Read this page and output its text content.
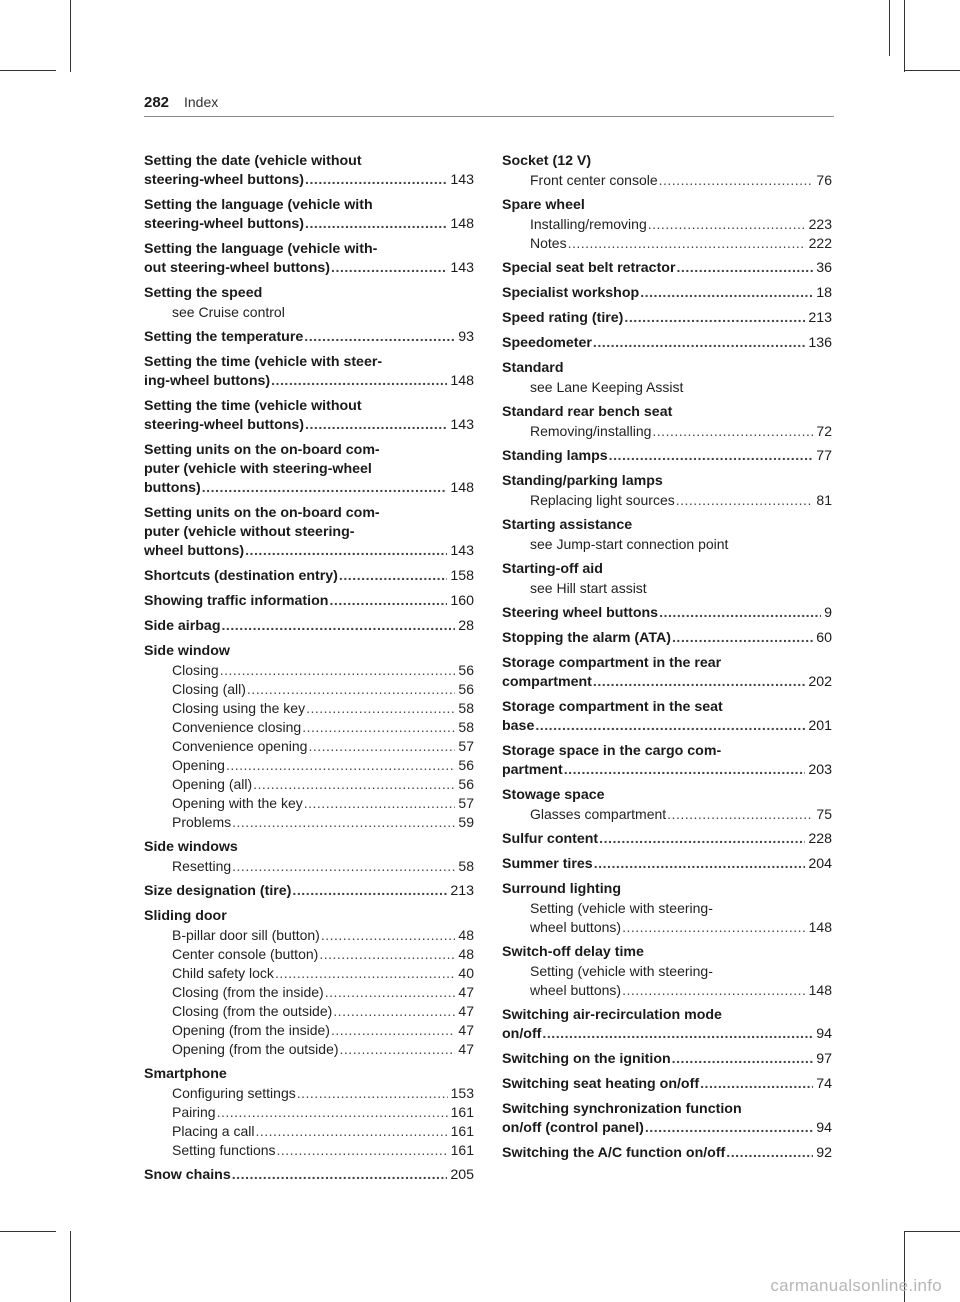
282 Index
Setting the date (vehicle without
steering-wheel buttons) .....	143
Setting the language (vehicle with
steering-wheel buttons) .....	148
Setting the language (vehicle with-
out steering-wheel buttons) .....	143
Setting the speed
see Cruise control
Setting the temperature .....	93
Setting the time (vehicle with steer-
ing-wheel buttons) .....	148
Setting the time (vehicle without
steering-wheel buttons) .....	143
Setting units on the on-board com-
puter (vehicle with steering-wheel
buttons) .....	148
Setting units on the on-board com-
puter (vehicle without steering-
wheel buttons) .....	143
Shortcuts (destination entry) .....	158
Showing traffic information .....	160
Side airbag .....	28
Side window
Closing .....	56
Closing (all) .....	56
Closing using the key .....	58
Convenience closing .....	58
Convenience opening .....	57
Opening .....	56
Opening (all) .....	56
Opening with the key .....	57
Problems .....	59
Side windows
Resetting .....	58
Size designation (tire) .....	213
Sliding door
B-pillar door sill (button) .....	48
Center console (button) .....	48
Child safety lock .....	40
Closing (from the inside) .....	47
Closing (from the outside) .....	47
Opening (from the inside) .....	47
Opening (from the outside) .....	47
Smartphone
Configuring settings .....	153
Pairing .....	161
Placing a call .....	161
Setting functions .....	161
Snow chains .....	205
Socket (12 V)
Front center console .....	76
Spare wheel
Installing/removing .....	223
Notes .....	222
Special seat belt retractor .....	36
Specialist workshop .....	18
Speed rating (tire) .....	213
Speedometer .....	136
Standard
see Lane Keeping Assist
Standard rear bench seat
Removing/installing .....	72
Standing lamps .....	77
Standing/parking lamps
Replacing light sources .....	81
Starting assistance
see Jump-start connection point
Starting-off aid
see Hill start assist
Steering wheel buttons .....	9
Stopping the alarm (ATA) .....	60
Storage compartment in the rear
compartment .....	202
Storage compartment in the seat
base .....	201
Storage space in the cargo com-
partment .....	203
Stowage space
Glasses compartment .....	75
Sulfur content .....	228
Summer tires .....	204
Surround lighting
Setting (vehicle with steering-
wheel buttons) .....	148
Switch-off delay time
Setting (vehicle with steering-
wheel buttons) .....	148
Switching air-recirculation mode
on/off .....	94
Switching on the ignition .....	97
Switching seat heating on/off .....	74
Switching synchronization function
on/off (control panel) .....	94
Switching the A/C function on/off .....	92
carmanualsonline.info
